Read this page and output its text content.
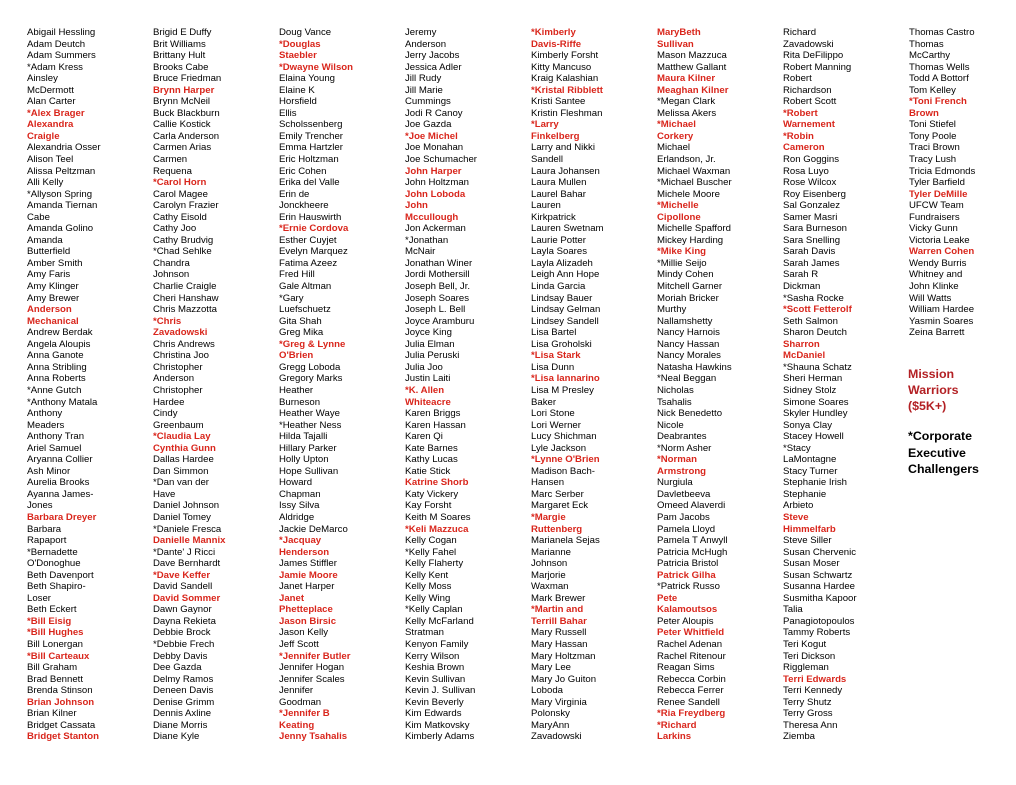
Abigail Hessling
Adam Deutch
Adam Summers
*Adam Kress
Ainsley
McDermott
Alan Carter
*Alex Brager
Alexandra
Craigle
Alexandria Osser
Alison Teel
Alissa Peltzman
Alli Kelly
*Allyson Spring
Amanda Tiernan
Cabe
Amanda Golino
Amanda
Butterfield
Amber Smith
Amy Faris
Amy Klinger
Amy Brewer
Anderson
Mechanical
Andrew Berdak
Angela Aloupis
Anna Ganote
Anna Stribling
Anna Roberts
*Anne Gutch
*Anthony Matala
Anthony
Meaders
Anthony Tran
Ariel Samuel
Aryanna Collier
Ash Minor
Aurelia Brooks
Ayanna James-
Jones
Barbara Dreyer
Barbara
Rapaport
*Bernadette
O'Donoghue
Beth Davenport
Beth Shapiro-
Loser
Beth Eckert
*Bill Eisig
*Bill Hughes
Bill Lonergan
*Bill Carteaux
Bill Graham
Brad Bennett
Brenda Stinson
Brian Johnson
Brian Kilner
Bridget Cassata
Bridget Stanton
Brigid E Duffy
Brit Williams
Brittany Hult
Brooks Cabe
Bruce Friedman
Brynn Harper
Brynn McNeil
Buck Blackburn
Callie Kostick
Carla Anderson
Carmen Arias
Carmen
Requena
*Carol Horn
Carol Magee
Carolyn Frazier
Cathy Eisold
Cathy Joo
Cathy Brudvig
*Chad Sehlke
Chandra
Johnson
Charlie Craigle
Cheri Hanshaw
Chris Mazzotta
*Chris
Zavadowski
Chris Andrews
Christina Joo
Christopher
Anderson
Christopher
Hardee
Cindy
Greenbaum
*Claudia Lay
Cynthia Gunn
Dallas Hardee
Dan Simmon
*Dan van der
Have
Daniel Johnson
Daniel Tomey
*Daniele Fresca
Danielle Mannix
*Dante' J Ricci
Dave Bernhardt
*Dave Keffer
David Sandell
David Sommer
Dawn Gaynor
Dayna Rekieta
Debbie Brock
*Debbie Frech
Debby Davis
Dee Gazda
Delmy Ramos
Deneen Davis
Denise Grimm
Dennis Axline
Diane Morris
Diane Kyle
Doug Vance
*Douglas
Staebler
*Dwayne Wilson
Elaina Young
Elaine K
Horsfield
Ellis
Scholssenberg
Emily Trencher
Emma Hartzler
Eric Holtzman
Eric Cohen
Erika del Valle
Erin de
Jonckheere
Erin Hauswirth
*Ernie Cordova
Esther Cuyjet
Evelyn Marquez
Fatima Azeez
Fred Hill
Gale Altman
*Gary
Luefschuetz
Gita Shah
Greg Mika
*Greg & Lynne
O'Brien
Gregg Loboda
Gregory Marks
Heather
Burneson
Heather Waye
*Heather Ness
Hilda Tajalli
Hillary Parker
Holly Upton
Hope Sullivan
Howard
Chapman
Issy Silva
Aldridge
Jackie DeMarco
*Jacquay
Henderson
James Stiffler
Jamie Moore
Janet Harper
Janet
Phetteplace
Jason Birsic
Jason Kelly
Jeff Scott
*Jennifer Butler
Jennifer Hogan
Jennifer Scales
Jennifer
Goodman
*Jennifer B
Keating
Jenny Tsahalis
Jeremy
Anderson
Jerry Jacobs
Jessica Adler
Jill Rudy
Jill Marie
Cummings
Jodi R Canoy
Joe Gazda
*Joe Michel
Joe Monahan
Joe Schumacher
John Harper
John Holtzman
John Loboda
John
Mccullough
Jon Ackerman
*Jonathan
McNair
Jonathan Winer
Jordi Mothersill
Joseph Bell, Jr.
Joseph Soares
Joseph L. Bell
Joyce Aramburu
Joyce King
Julia Elman
Julia Peruski
Julia Joo
Justin Laiti
*K. Allen
Whiteacre
Karen Briggs
Karen Hassan
Karen Qi
Kate Barnes
Kathy Lucas
Katie Stick
Katrine Shorb
Katy Vickery
Kay Forsht
Keith M Soares
*Keli Mazzuca
Kelly Cogan
*Kelly Fahel
Kelly Flaherty
Kelly Kent
Kelly Moss
Kelly Wing
*Kelly Caplan
Kelly McFarland
Stratman
Kenyon Family
Kerry Wilson
Keshia Brown
Kevin Sullivan
Kevin J. Sullivan
Kevin Beverly
Kim Edwards
Kim Matkovsky
Kimberly Adams
*Kimberly
Davis-Riffe
Kimberly Forsht
Kitty Mancuso
Kraig Kalashian
*Kristal Ribblett
Kristi Santee
Kristin Fleshman
*Larry
Finkelberg
Larry and Nikki
Sandell
Laura Johansen
Laura Mullen
Laurel Bahar
Lauren
Kirkpatrick
Lauren Swetnam
Laurie Potter
Layla Soares
Layla Alizadeh
Leigh Ann Hope
Linda Garcia
Lindsay Bauer
Lindsay Gelman
Lindsey Sandell
Lisa Bartel
Lisa Groholski
*Lisa Stark
Lisa Dunn
*Lisa Iannarino
Lisa M Presley
Baker
Lori Stone
Lori Werner
Lucy Shichman
Lyle Jackson
*Lynne O'Brien
Madison Bach-
Hansen
Marc Serber
Margaret Eck
*Margie
Ruttenberg
Marianela Sejas
Marianne
Johnson
Marjorie
Waxman
Mark Brewer
*Martin and
Terrill Bahar
Mary Russell
Mary Hassan
Mary Holtzman
Mary Lee
Mary Jo Guiton
Loboda
Mary Virginia
Polonsky
MaryAnn
Zavadowski
MaryBeth
Sullivan
Mason Mazzuca
Matthew Gallant
Maura Kilner
Meaghan Kilner
*Megan Clark
Melissa Akers
*Michael
Corkery
Michael
Erlandson, Jr.
Michael Waxman
*Michael Buscher
Michele Moore
*Michelle
Cipollone
Michelle Spafford
Mickey Harding
*Mike King
*Millie Seijo
Mindy Cohen
Mitchell Garner
Moriah Bricker
Murthy
Nallamshetty
Nancy Harnois
Nancy Hassan
Nancy Morales
Natasha Hawkins
*Neal Beggan
Nicholas
Tsahalis
Nick Benedetto
Nicole
Deabrantes
*Norm Asher
*Norman
Armstrong
Nurgiula
Davletbeeva
Omeed Alaverdi
Pam Jacobs
Pamela Lloyd
Pamela T Anwyll
Patricia McHugh
Patricia Bristol
Patrick Gilha
*Patrick Russo
Pete
Kalamoutsos
Peter Aloupis
Peter Whitfield
Rachel Adenan
Rachel Ritenour
Reagan Sims
Rebecca Corbin
Rebecca Ferrer
Renee Sandell
*Ria Freydberg
*Richard
Larkins
Richard
Zavadowski
Rita DeFilippo
Robert Manning
Robert
Richardson
Robert Scott
*Robert
Warnement
*Robin
Cameron
Ron Goggins
Rosa Luyo
Rose Wilcox
Roy Eisenberg
Sal Gonzalez
Samer Masri
Sara Burneson
Sara Snelling
Sarah Davis
Sarah James
Sarah R
Dickman
*Sasha Rocke
*Scott Fetterolf
Seth Salmon
Sharon Deutch
Sharron
McDaniel
*Shauna Schatz
Sheri Herman
Sidney Stolz
Simone Soares
Skyler Hundley
Sonya Clay
Stacey Howell
*Stacy
LaMontagne
Stacy Turner
Stephanie Irish
Stephanie
Arbieto
Steve
Himmelfarb
Steve Siller
Susan Chervenic
Susan Moser
Susan Schwartz
Susanna Hardee
Susmitha Kapoor
Talia
Panagiotopoulos
Tammy Roberts
Teri Kogut
Teri Dickson
Riggleman
Terri Edwards
Terri Kennedy
Terry Shutz
Terry Gross
Theresa Ann
Ziemba
Thomas Castro
Thomas
McCarthy
Thomas Wells
Todd A Bottorf
Tom Kelley
*Toni French
Brown
Toni Stiefel
Tony Poole
Traci Brown
Tracy Lush
Tricia Edmonds
Tyler Barfield
Tyler DeMille
UFCW Team
Fundraisers
Vicky Gunn
Victoria Leake
Warren Cohen
Wendy Burris
Whitney and
John Klinke
Will Watts
William Hardee
Yasmin Soares
Zeina Barrett
Mission
Warriors
($5K+)
*Corporate
Executive
Challengers
